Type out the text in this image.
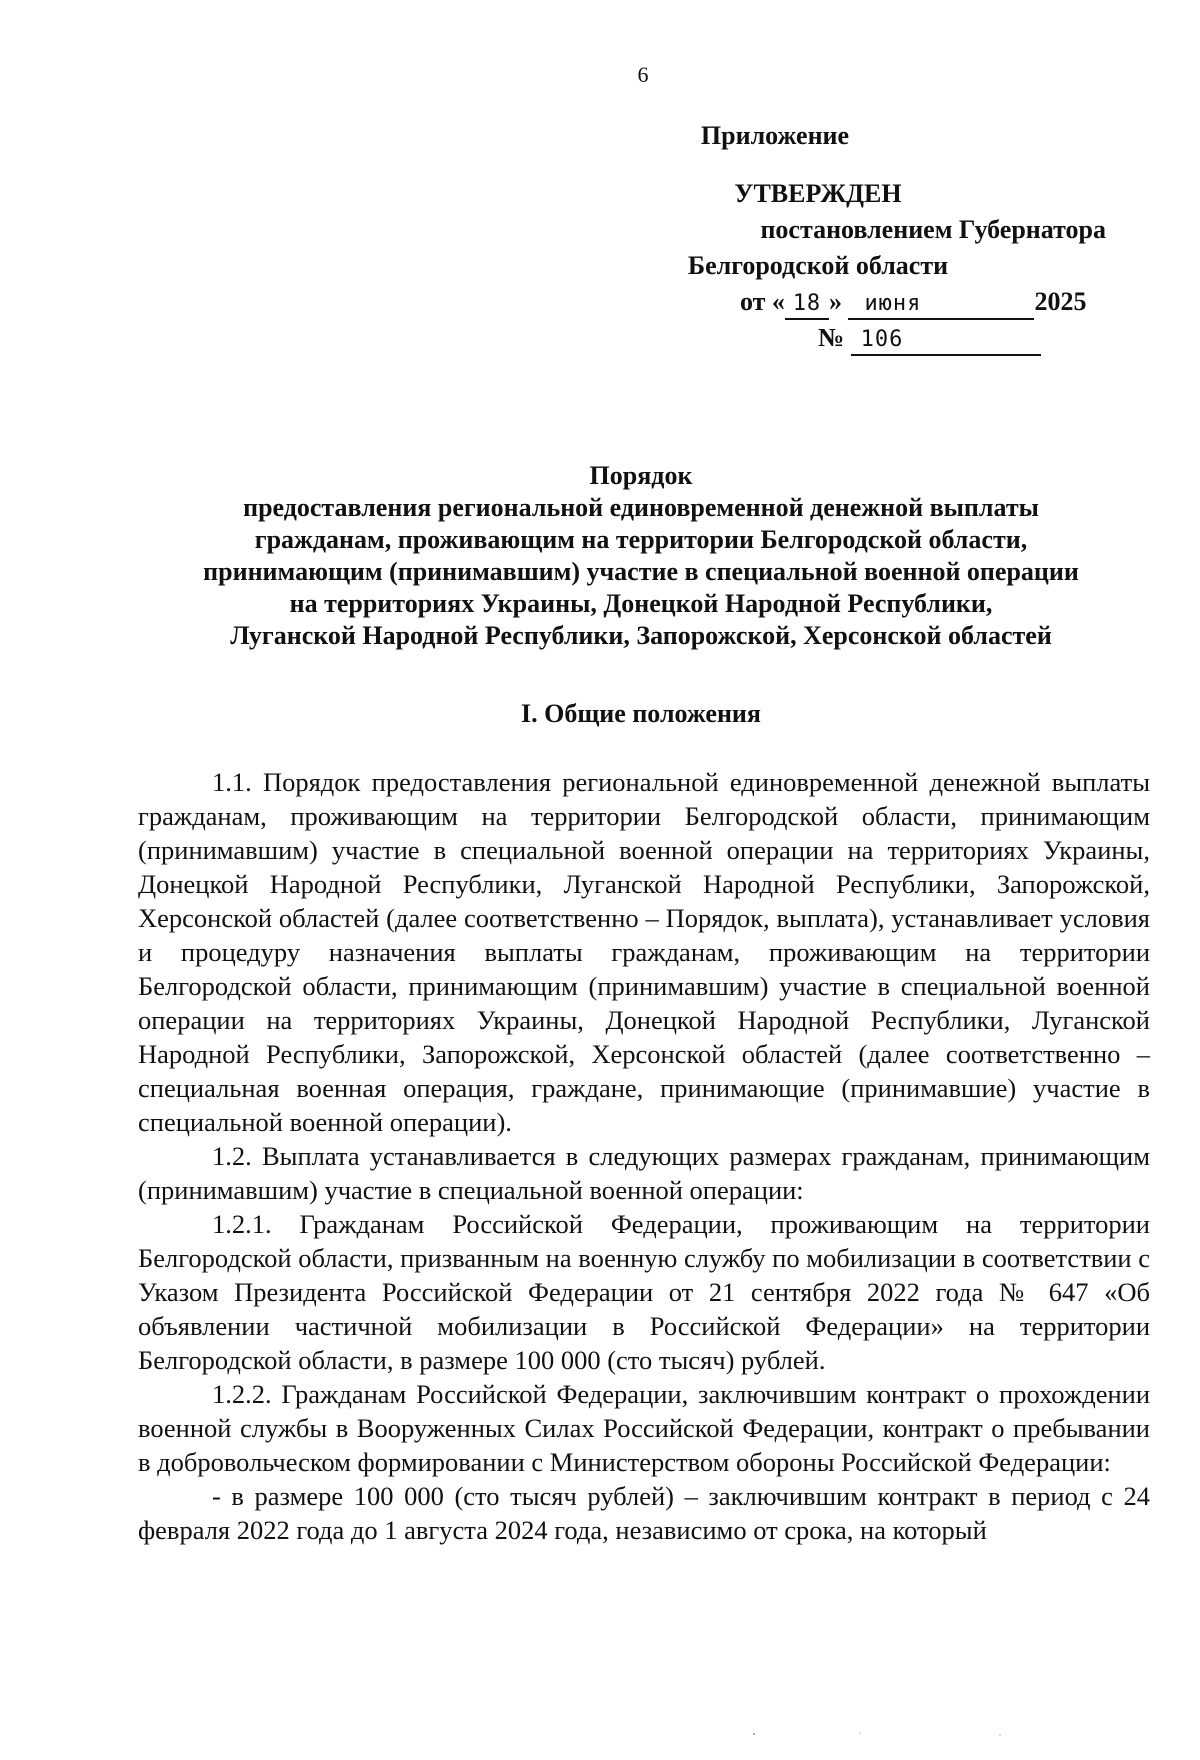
6
Приложение
УТВЕРЖДЕН
постановлением Губернатора
Белгородской области
от « 18 » июня	2025
№ 106
Порядок
предоставления региональной единовременной денежной выплаты
гражданам, проживающим на территории Белгородской области,
принимающим (принимавшим) участие в специальной военной операции
на территориях Украины, Донецкой Народной Республики,
Луганской Народной Республики, Запорожской, Херсонской областей
I. Общие положения

1.1. Порядок предоставления региональной единовременной денежной выплаты гражданам, проживающим на территории Белгородской области, принимающим (принимавшим) участие в специальной военной операции на территориях Украины, Донецкой Народной Республики, Луганской Народной Республики, Запорожской, Херсонской областей (далее соответственно – Порядок, выплата), устанавливает условия и процедуру назначения выплаты гражданам, проживающим на территории Белгородской области, принимающим (принимавшим) участие в специальной военной операции на территориях Украины, Донецкой Народной Республики, Луганской Народной Республики, Запорожской, Херсонской областей (далее соответственно – специальная военная операция, граждане, принимающие (принимавшие) участие в специальной военной операции).

1.2. Выплата устанавливается в следующих размерах гражданам, принимающим (принимавшим) участие в специальной военной операции:

1.2.1. Гражданам Российской Федерации, проживающим на территории Белгородской области, призванным на военную службу по мобилизации в соответствии с Указом Президента Российской Федерации от 21 сентября 2022 года № 647 «Об объявлении частичной мобилизации в Российской Федерации» на территории Белгородской области, в размере 100 000 (сто тысяч) рублей.

1.2.2. Гражданам Российской Федерации, заключившим контракт о прохождении военной службы в Вооруженных Силах Российской Федерации, контракт о пребывании в добровольческом формировании с Министерством обороны Российской Федерации:

- в размере 100 000 (сто тысяч рублей) – заключившим контракт в период с 24 февраля 2022 года до 1 августа 2024 года, независимо от срока, на который
